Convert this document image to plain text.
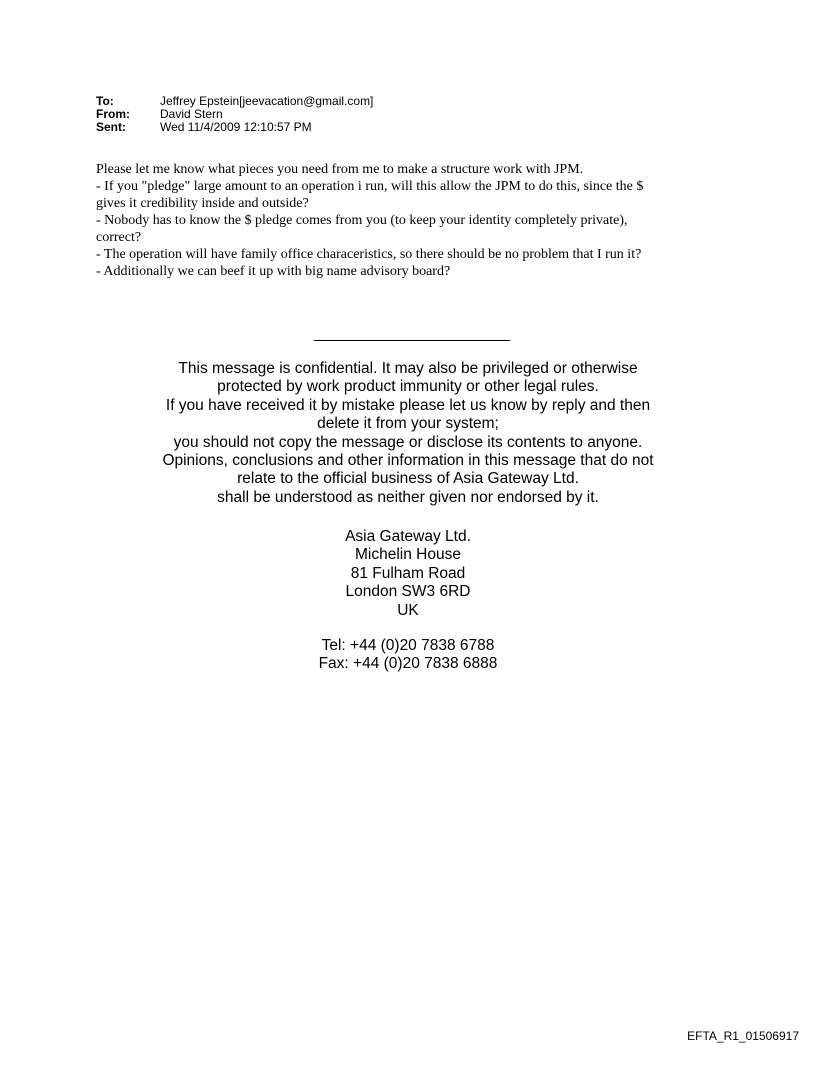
To:	Jeffrey Epstein[jeevacation@gmail.com]
From:	David Stern
Sent:	Wed 11/4/2009 12:10:57 PM
Please let me know what pieces you need from me to make a structure work with JPM.
- If you "pledge" large amount to an operation i run, will this allow the JPM to do this, since the $
gives it credibility inside and outside?
- Nobody has to know the $ pledge comes from you (to keep your identity completely private),
correct?
- The operation will have family office characeristics, so there should be no problem that I run it?
- Additionally we can beef it up with big name advisory board?
This message is confidential. It may also be privileged or otherwise
protected by work product immunity or other legal rules.
If you have received it by mistake please let us know by reply and then
delete it from your system;
you should not copy the message or disclose its contents to anyone.
Opinions, conclusions and other information in this message that do not
relate to the official business of Asia Gateway Ltd.
shall be understood as neither given nor endorsed by it.
Asia Gateway Ltd.
Michelin House
81 Fulham Road
London SW3 6RD
UK
Tel: +44 (0)20 7838 6788
Fax: +44 (0)20 7838 6888
EFTA_R1_01506917
